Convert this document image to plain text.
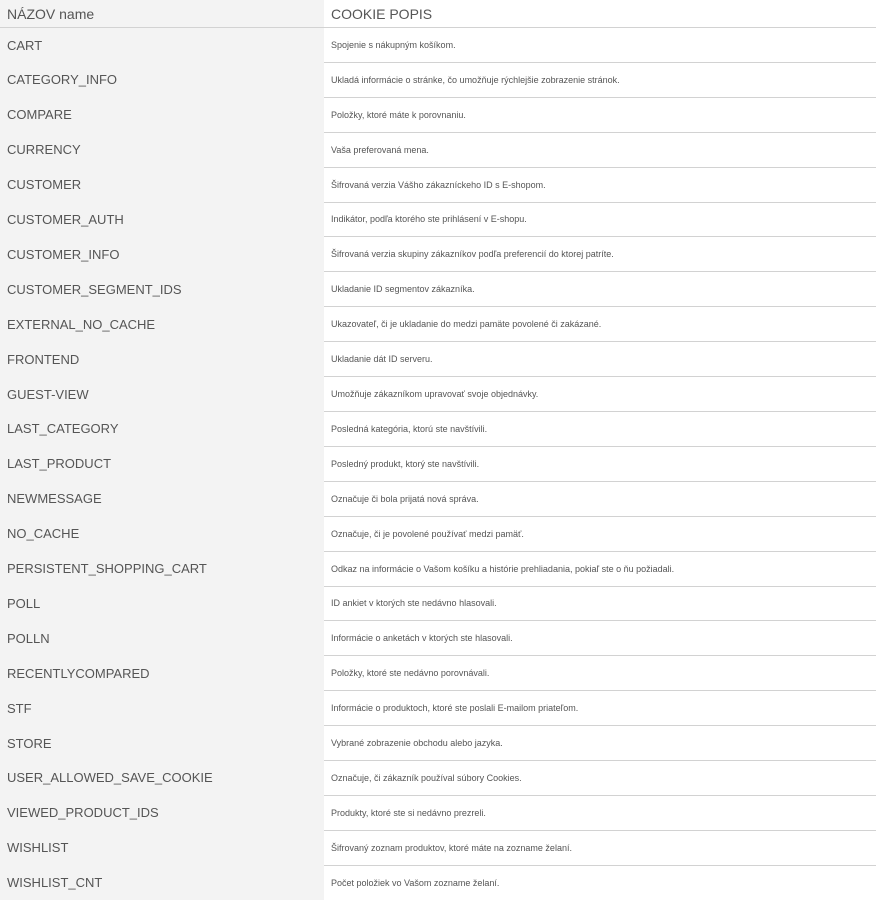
NÁZOV name	COOKIE POPIS
CART	Spojenie s nákupným košíkom.
CATEGORY_INFO	Ukladá informácie o stránke, čo umožňuje rýchlejšie zobrazenie stránok.
COMPARE	Položky, ktoré máte k porovnaniu.
CURRENCY	Vaša preferovaná mena.
CUSTOMER	Šifrovaná verzia Vášho zákazníckeho ID s E-shopom.
CUSTOMER_AUTH	Indikátor, podľa ktorého ste prihlásení v E-shopu.
CUSTOMER_INFO	Šifrovaná verzia skupiny zákazníkov podľa preferencií do ktorej patríte.
CUSTOMER_SEGMENT_IDS	Ukladanie ID segmentov zákazníka.
EXTERNAL_NO_CACHE	Ukazovateľ, či je ukladanie do medzi pamäte povolené či zakázané.
FRONTEND	Ukladanie dát ID serveru.
GUEST-VIEW	Umožňuje zákazníkom upravovať svoje objednávky.
LAST_CATEGORY	Posledná kategória, ktorú ste navštívili.
LAST_PRODUCT	Posledný produkt, ktorý ste navštívili.
NEWMESSAGE	Označuje či bola prijatá nová správa.
NO_CACHE	Označuje, či je povolené používať medzi pamäť.
PERSISTENT_SHOPPING_CART	Odkaz na informácie o Vašom košíku a histórie prehliadania, pokiaľ ste o ňu požiadali.
POLL	ID ankiet v ktorých ste nedávno hlasovali.
POLLN	Informácie o anketách v ktorých ste hlasovali.
RECENTLYCOMPARED	Položky, ktoré ste nedávno porovnávali.
STF	Informácie o produktoch, ktoré ste poslali E-mailom priateľom.
STORE	Vybrané zobrazenie obchodu alebo jazyka.
USER_ALLOWED_SAVE_COOKIE	Označuje, či zákazník používal súbory Cookies.
VIEWED_PRODUCT_IDS	Produkty, ktoré ste si nedávno prezreli.
WISHLIST	Šifrovaný zoznam produktov, ktoré máte na zozname želaní.
WISHLIST_CNT	Počet položiek vo Vašom zozname želaní.
